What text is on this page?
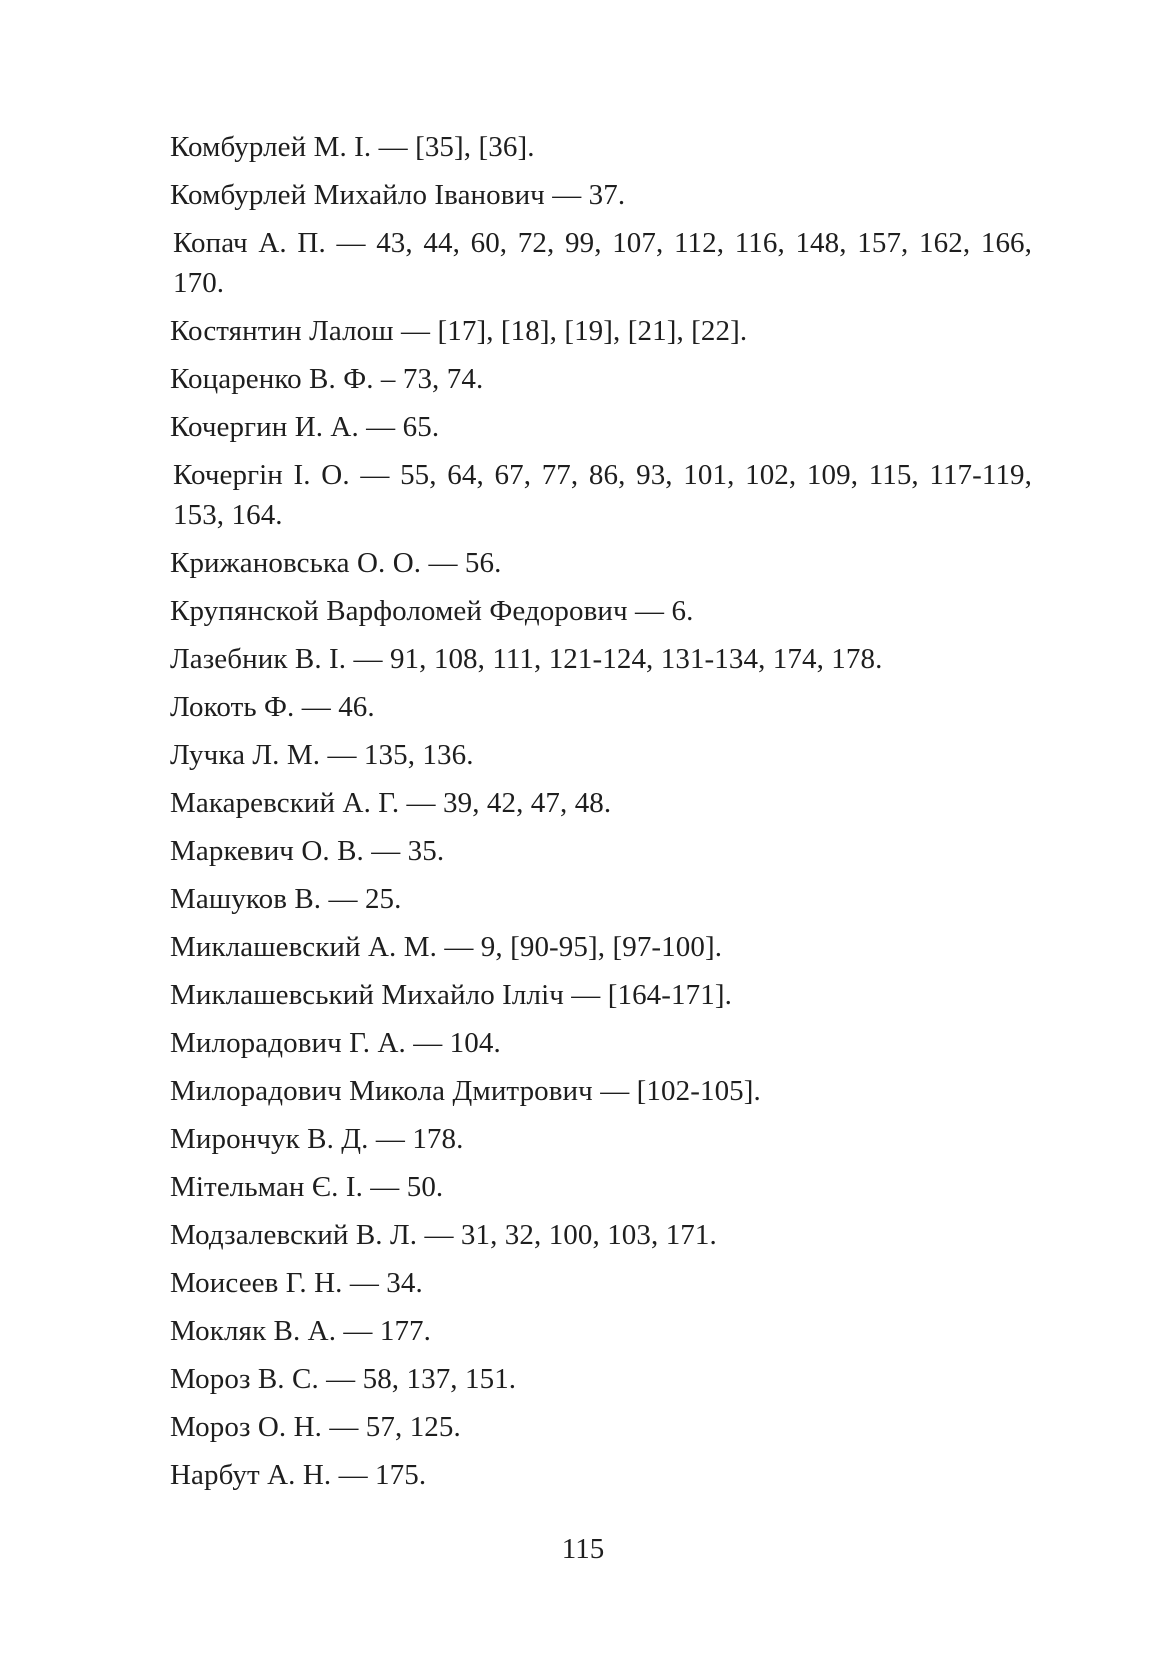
Комбурлей М. І. — [35], [36].
Комбурлей Михайло Іванович — 37.
Копач А. П. — 43, 44, 60, 72, 99, 107, 112, 116, 148, 157, 162, 166, 170.
Костянтин Лалош — [17], [18], [19], [21], [22].
Коцаренко В. Ф. – 73, 74.
Кочергин И. А. — 65.
Кочергін І. О. — 55, 64, 67, 77, 86, 93, 101, 102, 109, 115, 117-119, 153, 164.
Крижановська О. О. — 56.
Крупянской Варфоломей Федорович — 6.
Лазебник В. І. — 91, 108, 111, 121-124, 131-134, 174, 178.
Локоть Ф. — 46.
Лучка Л. М. — 135, 136.
Макаревский А. Г. — 39, 42, 47, 48.
Маркевич О. В. — 35.
Машуков В. — 25.
Миклашевский А. М. — 9, [90-95], [97-100].
Миклашевський Михайло Ілліч — [164-171].
Милорадович Г. А. — 104.
Милорадович Микола Дмитрович — [102-105].
Мирончук В. Д. — 178.
Мітельман Є. І. — 50.
Модзалевский В. Л. — 31, 32, 100, 103, 171.
Моисеев Г. Н. — 34.
Мокляк В. А. — 177.
Мороз В. С. — 58, 137, 151.
Мороз О. Н. — 57, 125.
Нарбут А. Н. — 175.
115
